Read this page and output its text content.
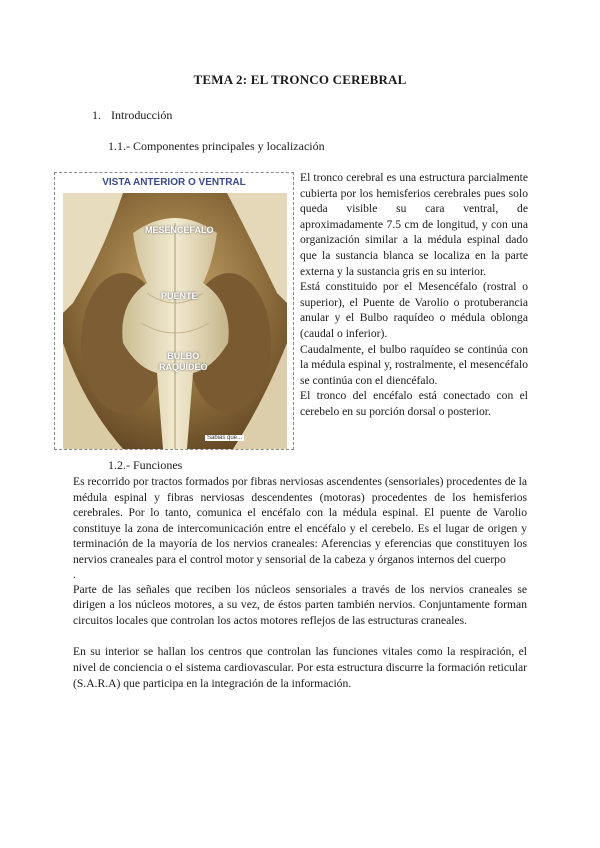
TEMA 2: EL TRONCO CEREBRAL
1. Introducción
1.1.- Componentes principales y localización
VISTA ANTERIOR O VENTRAL
MESENCÉFALO
PUENTE
BULBO
RAQUÍDEO
Sabias que...

El tronco cerebral es una estructura parcialmente cubierta por los hemisferios cerebrales pues solo queda visible su cara ventral, de aproximadamente 7.5 cm de longitud, y con una organización similar a la médula espinal dado que la sustancia blanca se localiza en la parte externa y la sustancia gris en su interior.

Está constituido por el Mesencéfalo (rostral o superior), el Puente de Varolio o protuberancia anular y el Bulbo raquídeo o médula oblonga (caudal o inferior).

Caudalmente, el bulbo raquídeo se continúa con la médula espinal y, rostralmente, el mesencéfalo se continúa con el diencéfalo.

El tronco del encéfalo está conectado con el cerebelo en su porción dorsal o posterior.

1.2.- Funciones

Es recorrido por tractos formados por fibras nerviosas ascendentes (sensoriales) procedentes de la médula espinal y fibras nerviosas descendentes (motoras) procedentes de los hemisferios cerebrales. Por lo tanto, comunica el encéfalo con la médula espinal. El puente de Varolio constituye la zona de intercomunicación entre el encéfalo y el cerebelo. Es el lugar de origen y terminación de la mayoría de los nervios craneales: Aferencias y eferencias que constituyen los nervios craneales para el control motor y sensorial de la cabeza y órganos internos del cuerpo

.

Parte de las señales que reciben los núcleos sensoriales a través de los nervios craneales se dirigen a los núcleos motores, a su vez, de éstos parten también nervios. Conjuntamente forman circuitos locales que controlan los actos motores reflejos de las estructuras craneales.

En su interior se hallan los centros que controlan las funciones vitales como la respiración, el nivel de conciencia o el sistema cardiovascular. Por esta estructura discurre la formación reticular (S.A.R.A) que participa en la integración de la información.
